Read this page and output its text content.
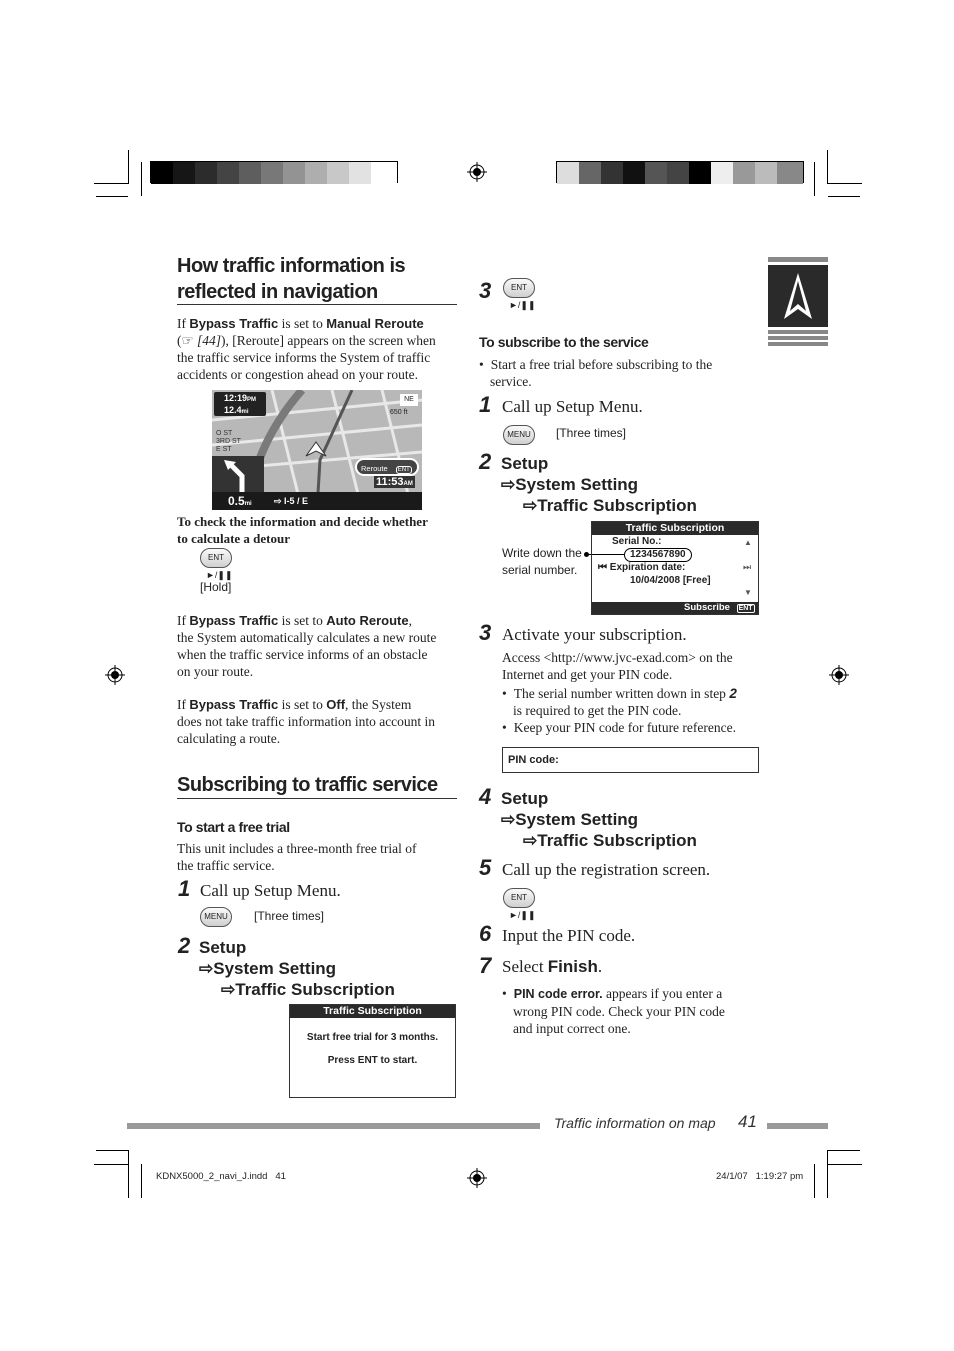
How traffic information is reflected in navigation
If Bypass Traffic is set to Manual Reroute
(☞ [44]), [Reroute] appears on the screen when
the traffic service informs the System of traffic
accidents or congestion ahead on your route.
12:19PM
12.4mi
NE
650 ft
O ST
3RD ST
E ST
Reroute ENT
11:53AM
0.5mi ⇨ I-5 / E
To check the information and decide whether
to calculate a detour
ENT
►/❚❚
[Hold]
If Bypass Traffic is set to Auto Reroute,
the System automatically calculates a new route
when the traffic service informs of an obstacle
on your route.
If Bypass Traffic is set to Off, the System
does not take traffic information into account in
calculating a route.
Subscribing to traffic service
To start a free trial
This unit includes a three-month free trial of
the traffic service.
1 Call up Setup Menu.
MENU	[Three times]
2 Setup
⇨System Setting
⇨Traffic Subscription
Traffic Subscription
Start free trial for 3 months.
Press ENT to start.
3	ENT
►/❚❚
To subscribe to the service
• Start a free trial before subscribing to the
service.
1 Call up Setup Menu.
MENU	[Three times]
2 Setup
⇨System Setting
⇨Traffic Subscription
Write down the
serial number.
Traffic Subscription
Serial No.:
1234567890
▲
⏮ Expiration date:	⏭
10/04/2008 [Free]
▼
Subscribe ENT
3 Activate your subscription.
Access <http://www.jvc-exad.com> on the
Internet and get your PIN code.
• The serial number written down in step 2
is required to get the PIN code.
• Keep your PIN code for future reference.
PIN code:
4 Setup
⇨System Setting
⇨Traffic Subscription
5 Call up the registration screen.
ENT
►/❚❚
6 Input the PIN code.
7 Select Finish.
• PIN code error. appears if you enter a
wrong PIN code. Check your PIN code
and input correct one.
Traffic information on map 41
KDNX5000_2_navi_J.indd   41	24/1/07   1:19:27 pm
